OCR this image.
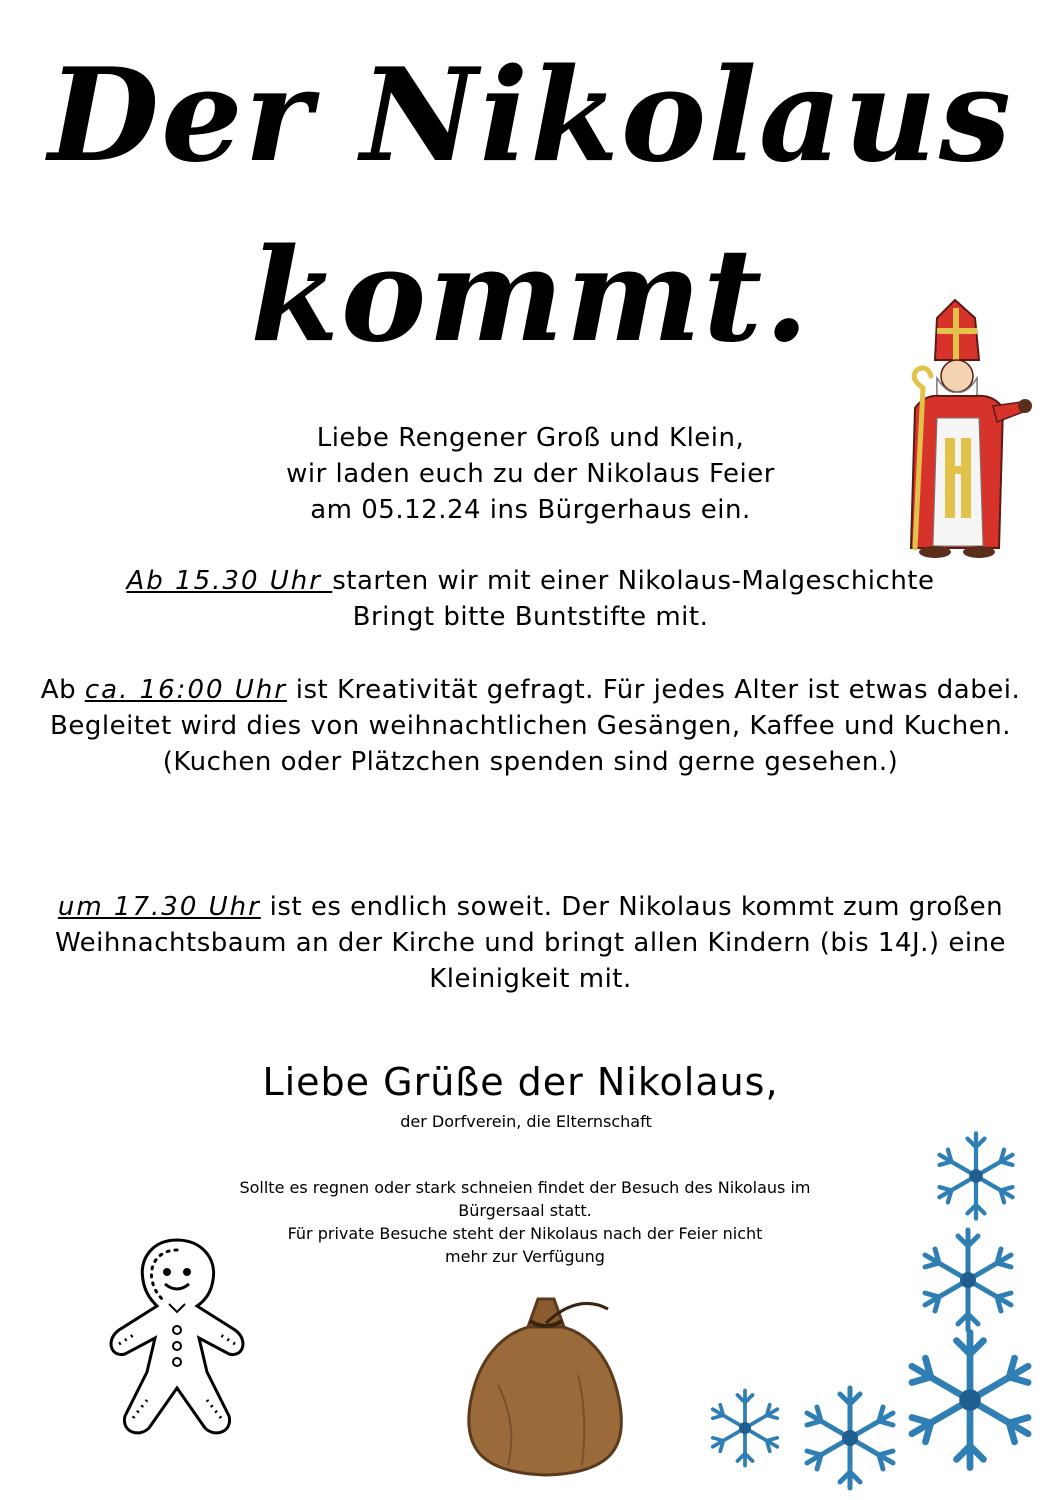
Der Nikolaus
kommt.
Liebe Rengener Groß und Klein,
wir laden euch zu der Nikolaus Feier
am 05.12.24 ins Bürgerhaus ein.
Ab 15.30 Uhr starten wir mit einer Nikolaus-Malgeschichte
Bringt bitte Buntstifte mit.
Ab ca. 16:00 Uhr ist Kreativität gefragt. Für jedes Alter ist etwas dabei.
Begleitet wird dies von weihnachtlichen Gesängen, Kaffee und Kuchen. (Kuchen oder Plätzchen spenden sind gerne gesehen.)
um 17.30 Uhr ist es endlich soweit. Der Nikolaus kommt zum großen Weihnachtsbaum an der Kirche und bringt allen Kindern (bis 14J.) eine Kleinigkeit mit.
Liebe Grüße der Nikolaus,
der Dorfverein, die Elternschaft
Sollte es regnen oder stark schneien findet der Besuch des Nikolaus im
Bürgersaal statt.
Für private Besuche steht der Nikolaus nach der Feier nicht
mehr zur Verfügung
